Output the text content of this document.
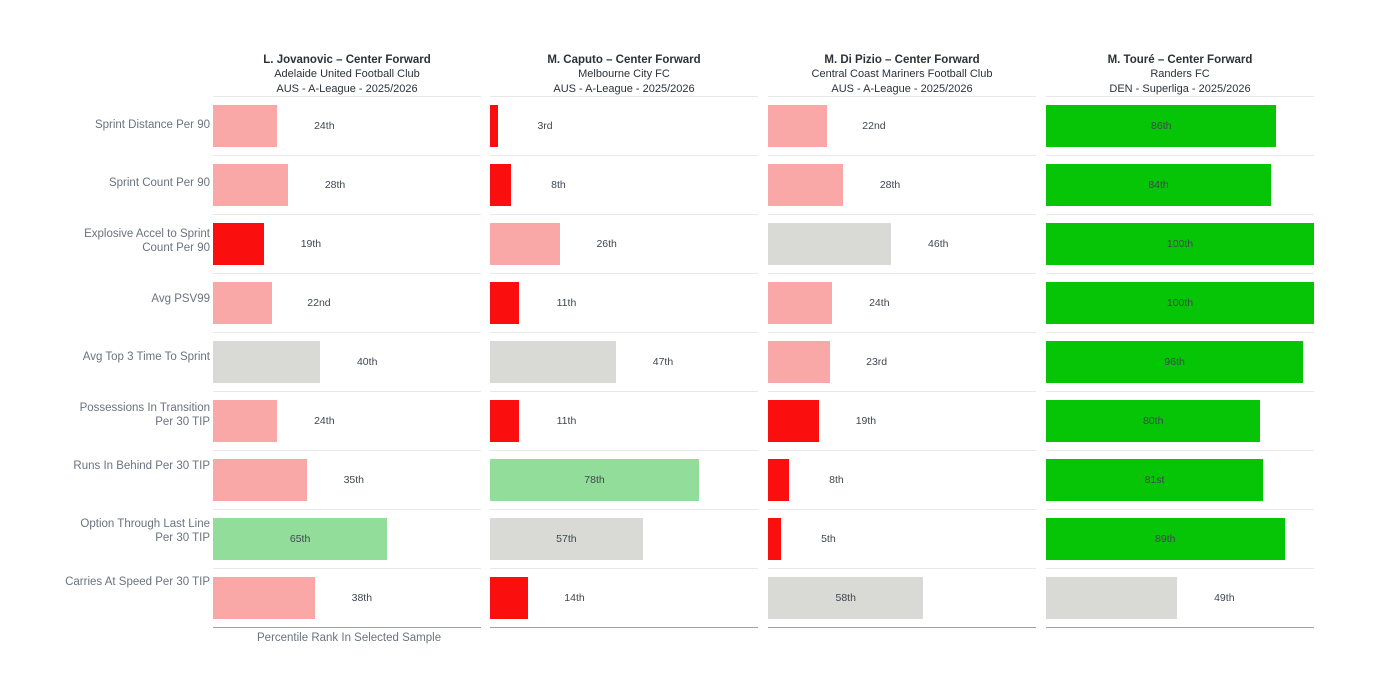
Sprint Distance Per 90
Sprint Count Per 90
Explosive Accel to Sprint Count Per 90
Avg PSV99
Avg Top 3 Time To Sprint
Possessions In Transition Per 30 TIP
Runs In Behind Per 30 TIP
Option Through Last Line Per 30 TIP
Carries At Speed Per 30 TIP
L. Jovanovic – Center Forward
Adelaide United Football Club
AUS - A-League - 2025/2026
24th
28th
19th
22nd
40th
24th
35th
65th
38th
M. Caputo – Center Forward
Melbourne City FC
AUS - A-League - 2025/2026
3rd
8th
26th
11th
47th
11th
78th
57th
14th
M. Di Pizio – Center Forward
Central Coast Mariners Football Club
AUS - A-League - 2025/2026
22nd
28th
46th
24th
23rd
19th
8th
5th
58th
M. Touré – Center Forward
Randers FC
DEN - Superliga - 2025/2026
86th
84th
100th
100th
96th
80th
81st
89th
49th
Percentile Rank In Selected Sample
